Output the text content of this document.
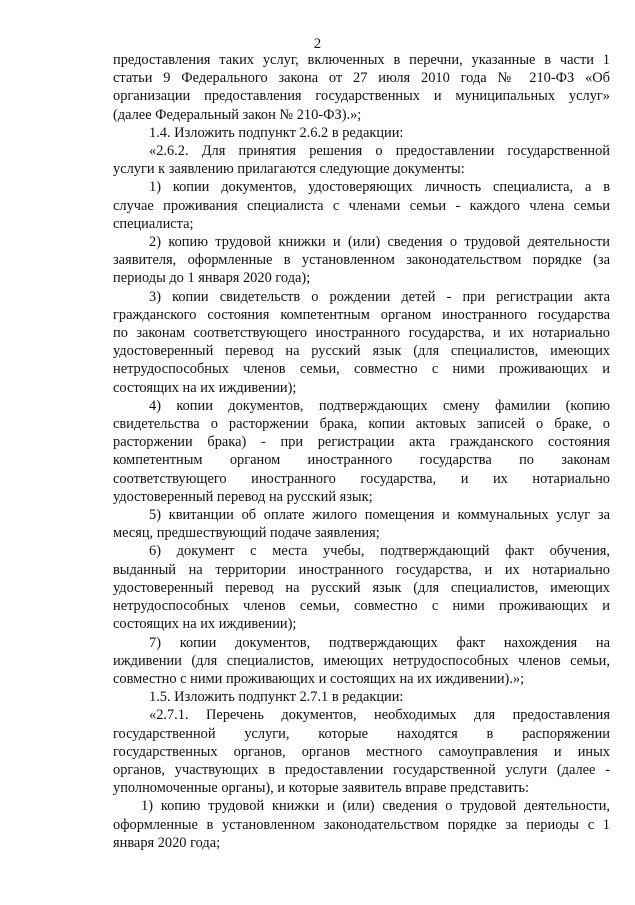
2

предоставления таких услуг, включенных в перечни, указанные в части 1
статьи 9 Федерального закона от 27 июля 2010 года № 210-ФЗ «Об
организации предоставления государственных и муниципальных услуг»
(далее Федеральный закон № 210-ФЗ).»;

1.4. Изложить подпункт 2.6.2 в редакции:

«2.6.2. Для принятия решения о предоставлении государственной
услуги к заявлению прилагаются следующие документы:

1) копии документов, удостоверяющих личность специалиста, а в
случае проживания специалиста с членами семьи - каждого члена семьи
специалиста;

2) копию трудовой книжки и (или) сведения о трудовой деятельности
заявителя, оформленные в установленном законодательством порядке (за
периоды до 1 января 2020 года);

3) копии свидетельств о рождении детей - при регистрации акта
гражданского состояния компетентным органом иностранного государства
по законам соответствующего иностранного государства, и их нотариально
удостоверенный перевод на русский язык (для специалистов, имеющих
нетрудоспособных членов семьи, совместно с ними проживающих и
состоящих на их иждивении);

4) копии документов, подтверждающих смену фамилии (копию
свидетельства о расторжении брака, копии актовых записей о браке, о
расторжении брака) - при регистрации акта гражданского состояния
компетентным органом иностранного государства по законам
соответствующего иностранного государства, и их нотариально
удостоверенный перевод на русский язык;

5) квитанции об оплате жилого помещения и коммунальных услуг за
месяц, предшествующий подаче заявления;

6) документ с места учебы, подтверждающий факт обучения,
выданный на территории иностранного государства, и их нотариально
удостоверенный перевод на русский язык (для специалистов, имеющих
нетрудоспособных членов семьи, совместно с ними проживающих и
состоящих на их иждивении);

7) копии документов, подтверждающих факт нахождения на
иждивении (для специалистов, имеющих нетрудоспособных членов семьи,
совместно с ними проживающих и состоящих на их иждивении).»;

1.5. Изложить подпункт 2.7.1 в редакции:

«2.7.1. Перечень документов, необходимых для предоставления
государственной услуги, которые находятся в распоряжении
государственных органов, органов местного самоуправления и иных
органов, участвующих в предоставлении государственной услуги (далее -
уполномоченные органы), и которые заявитель вправе представить:

1) копию трудовой книжки и (или) сведения о трудовой деятельности,
оформленные в установленном законодательством порядке за периоды с 1
января 2020 года;
